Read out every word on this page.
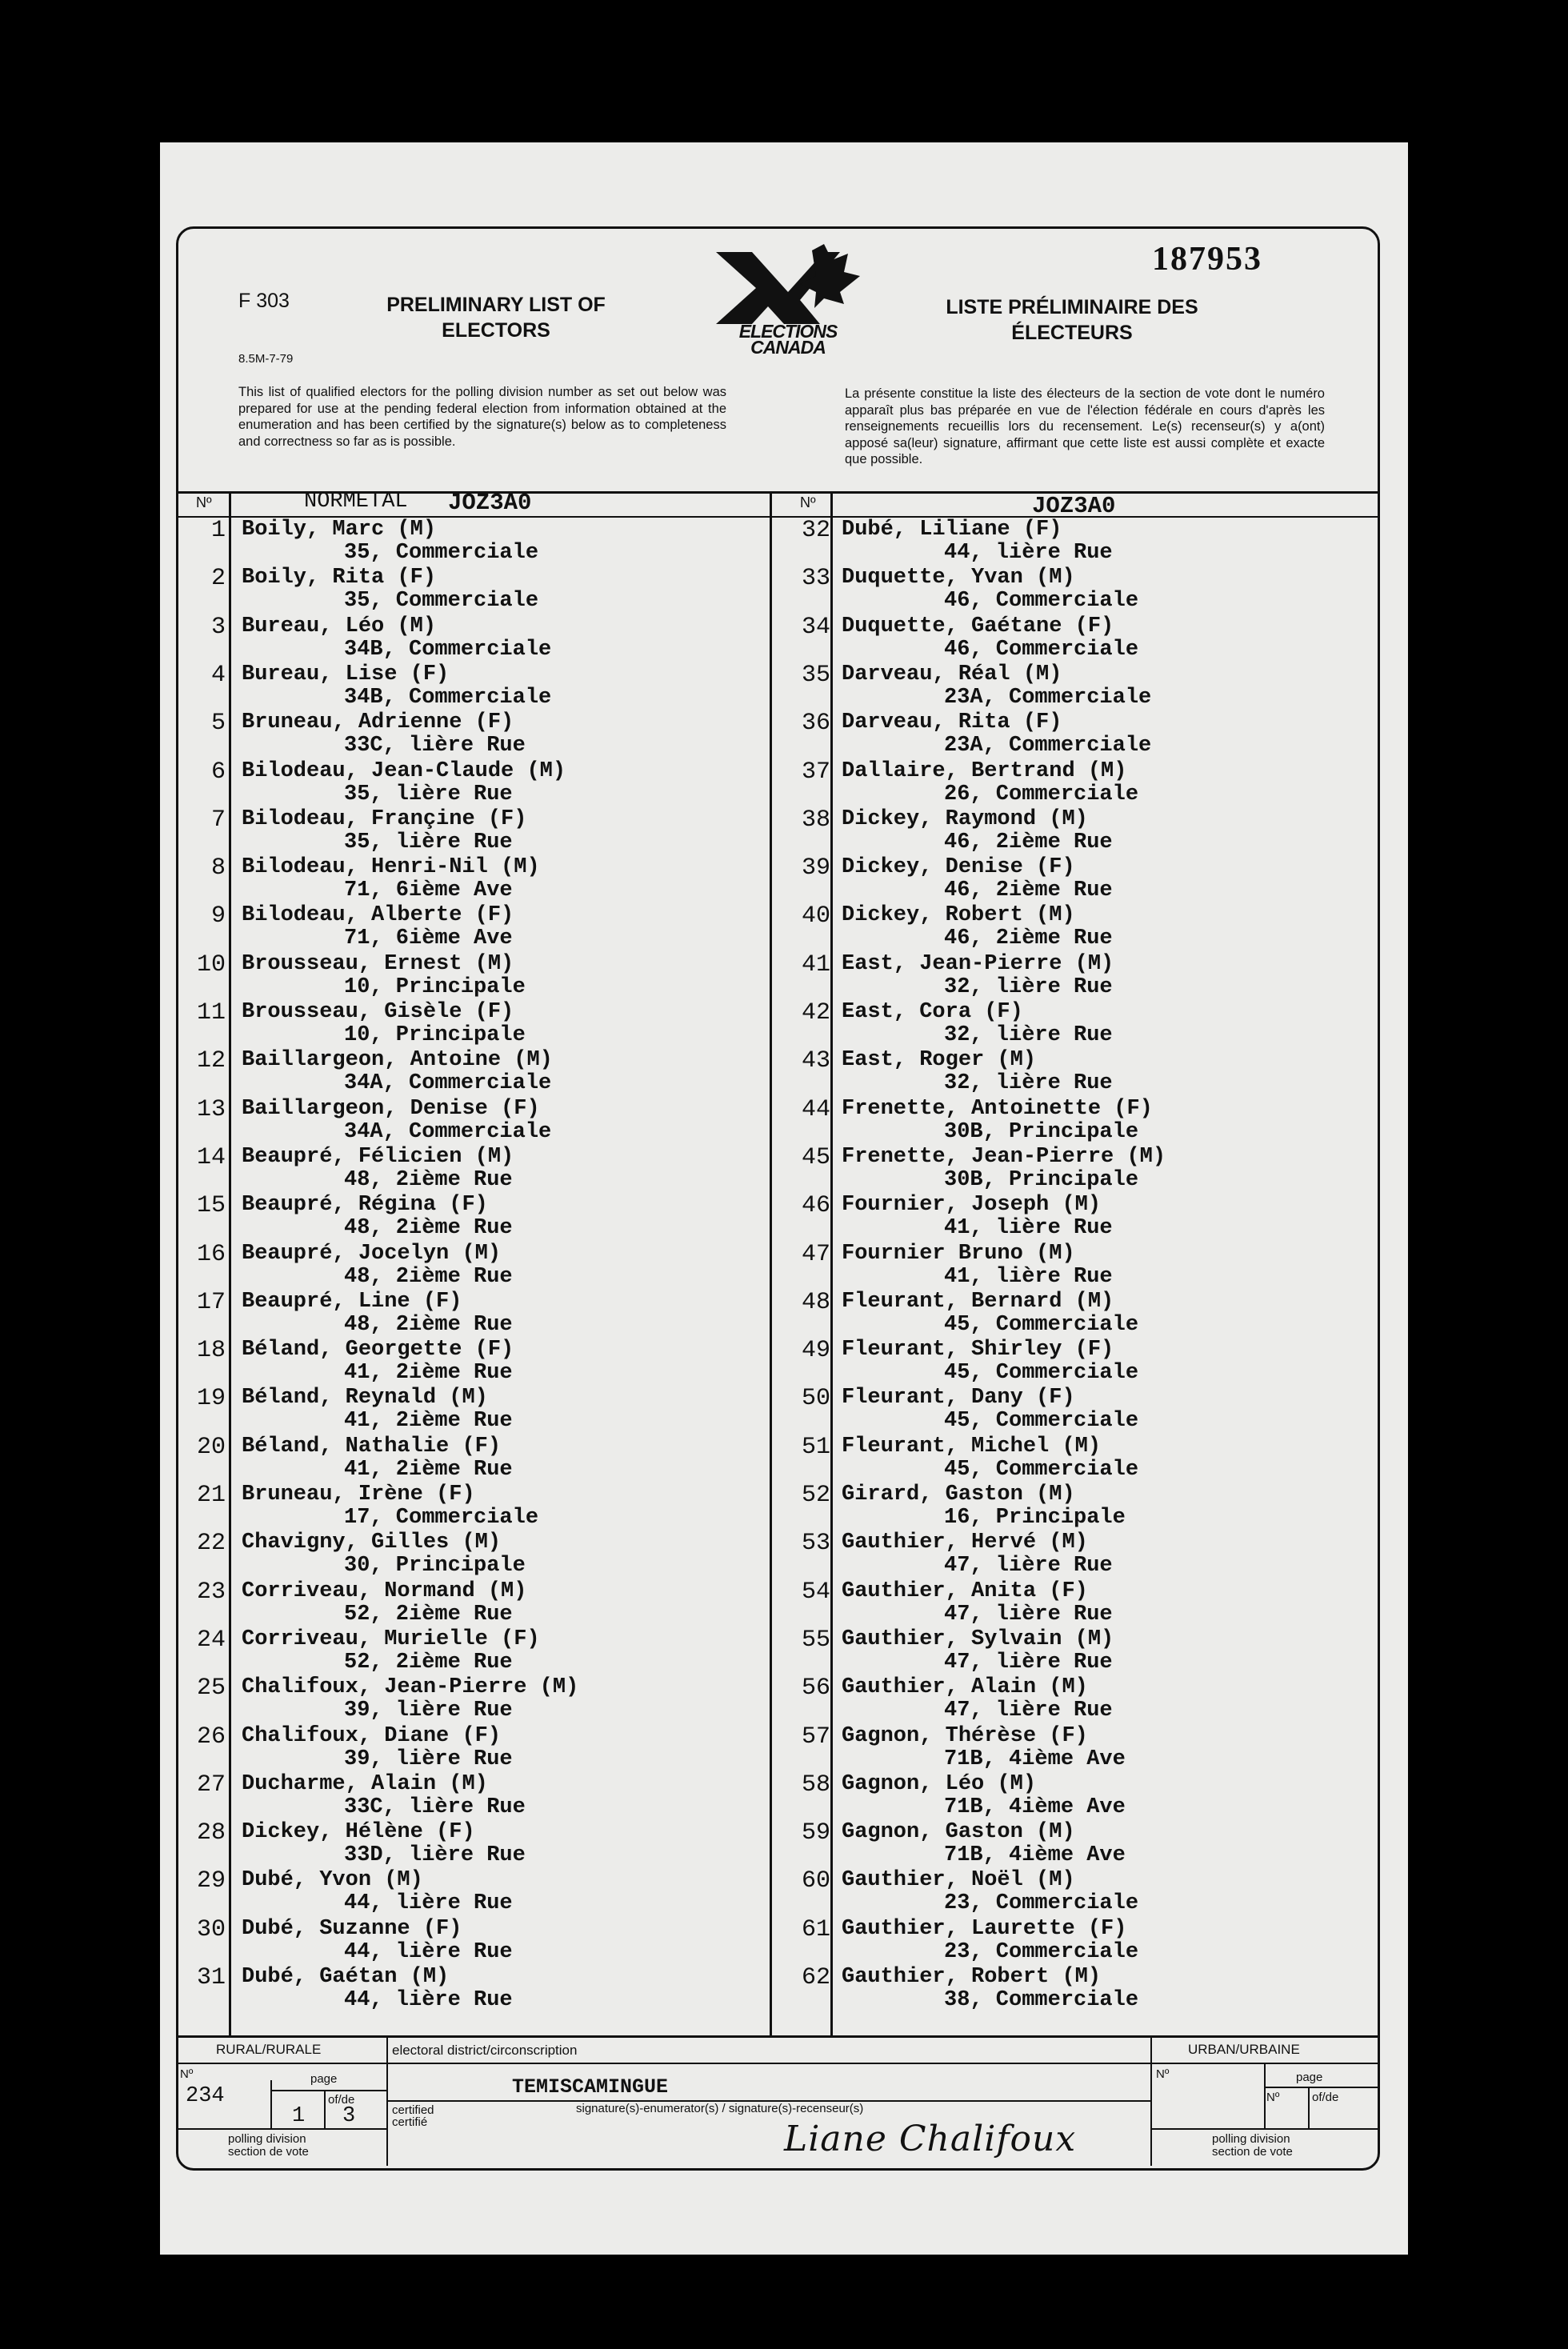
F 303
8.5M-7-79
PRELIMINARY LIST OF ELECTORS
LISTE PRÉLIMINAIRE DES ÉLECTEURS
187953
ELECTIONS
CANADA
This list of qualified electors for the polling division number as set out below was prepared for use at the pending federal election from information obtained at the enumeration and has been certified by the signature(s) below as to completeness and correctness so far as is possible.
La présente constitue la liste des électeurs de la section de vote dont le numéro apparaît plus bas préparée en vue de l'élection fédérale en cours d'après les renseignements recueillis lors du recensement. Le(s) recenseur(s) y a(ont) apposé sa(leur) signature, affirmant que cette liste est aussi complète et exacte que possible.
Nº	Nº
NORMETAL JOZ3A0	JOZ3A0
1 Boily, Marc (M)
35, Commerciale
2 Boily, Rita (F)
35, Commerciale
3 Bureau, Léo (M)
34B, Commerciale
4 Bureau, Lise (F)
34B, Commerciale
5 Bruneau, Adrienne (F)
33C, lière Rue
6 Bilodeau, Jean-Claude (M)
35, lière Rue
7 Bilodeau, Françine (F)
35, lière Rue
8 Bilodeau, Henri-Nil (M)
71, 6ième Ave
9 Bilodeau, Alberte (F)
71, 6ième Ave
10 Brousseau, Ernest (M)
10, Principale
11 Brousseau, Gisèle (F)
10, Principale
12 Baillargeon, Antoine (M)
34A, Commerciale
13 Baillargeon, Denise (F)
34A, Commerciale
14 Beaupré, Félicien (M)
48, 2ième Rue
15 Beaupré, Régina (F)
48, 2ième Rue
16 Beaupré, Jocelyn (M)
48, 2ième Rue
17 Beaupré, Line (F)
48, 2ième Rue
18 Béland, Georgette (F)
41, 2ième Rue
19 Béland, Reynald (M)
41, 2ième Rue
20 Béland, Nathalie (F)
41, 2ième Rue
21 Bruneau, Irène (F)
17, Commerciale
22 Chavigny, Gilles (M)
30, Principale
23 Corriveau, Normand (M)
52, 2ième Rue
24 Corriveau, Murielle (F)
52, 2ième Rue
25 Chalifoux, Jean-Pierre (M)
39, lière Rue
26 Chalifoux, Diane (F)
39, lière Rue
27 Ducharme, Alain (M)
33C, lière Rue
28 Dickey, Hélène (F)
33D, lière Rue
29 Dubé, Yvon (M)
44, lière Rue
30 Dubé, Suzanne (F)
44, lière Rue
31 Dubé, Gaétan (M)
44, lière Rue
32 Dubé, Liliane (F)
44, lière Rue
33 Duquette, Yvan (M)
46, Commerciale
34 Duquette, Gaétane (F)
46, Commerciale
35 Darveau, Réal (M)
23A, Commerciale
36 Darveau, Rita (F)
23A, Commerciale
37 Dallaire, Bertrand (M)
26, Commerciale
38 Dickey, Raymond (M)
46, 2ième Rue
39 Dickey, Denise (F)
46, 2ième Rue
40 Dickey, Robert (M)
46, 2ième Rue
41 East, Jean-Pierre (M)
32, lière Rue
42 East, Cora (F)
32, lière Rue
43 East, Roger (M)
32, lière Rue
44 Frenette, Antoinette (F)
30B, Principale
45 Frenette, Jean-Pierre (M)
30B, Principale
46 Fournier, Joseph (M)
41, lière Rue
47 Fournier Bruno (M)
41, lière Rue
48 Fleurant, Bernard (M)
45, Commerciale
49 Fleurant, Shirley (F)
45, Commerciale
50 Fleurant, Dany (F)
45, Commerciale
51 Fleurant, Michel (M)
45, Commerciale
52 Girard, Gaston (M)
16, Principale
53 Gauthier, Hervé (M)
47, lière Rue
54 Gauthier, Anita (F)
47, lière Rue
55 Gauthier, Sylvain (M)
47, lière Rue
56 Gauthier, Alain (M)
47, lière Rue
57 Gagnon, Thérèse (F)
71B, 4ième Ave
58 Gagnon, Léo (M)
71B, 4ième Ave
59 Gagnon, Gaston (M)
71B, 4ième Ave
60 Gauthier, Noël (M)
23, Commerciale
61 Gauthier, Laurette (F)
23, Commerciale
62 Gauthier, Robert (M)
38, Commerciale
RURAL/RURALE	electoral district/circonscription	URBAN/URBAINE
Nº
234
page
of/de
1 3
polling division
section de vote
TEMISCAMINGUE
certified
certifié
signature(s)-enumerator(s) / signature(s)-recenseur(s)
Liane Chalifoux
Nº	page
Nº	of/de
polling division
section de vote
